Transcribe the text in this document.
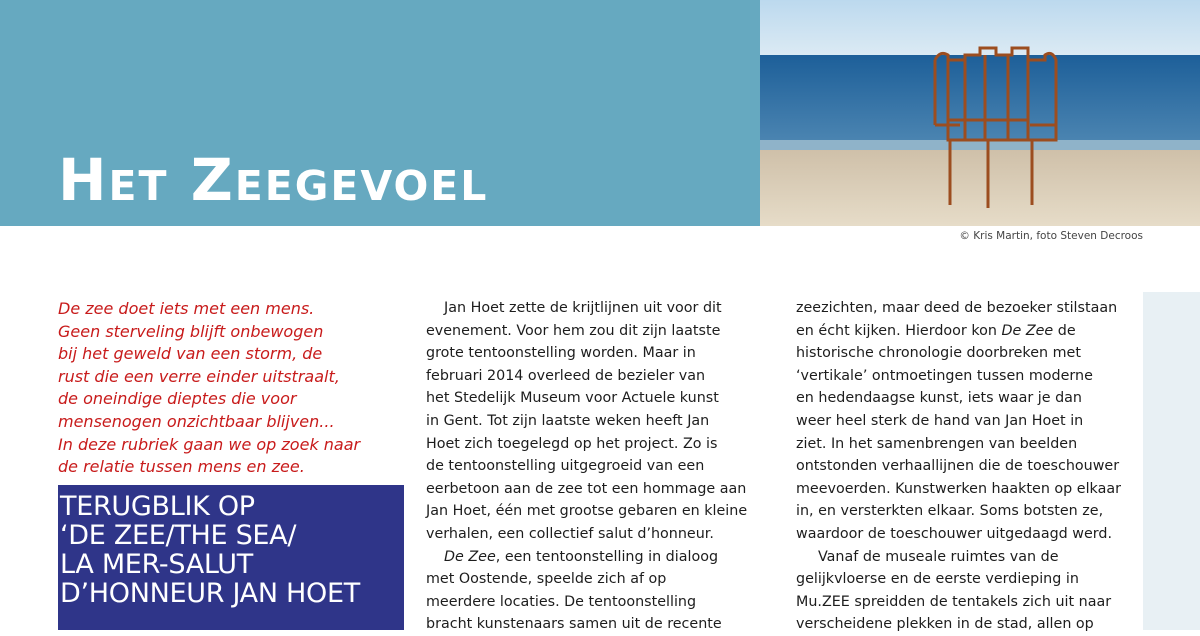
Het Zeegevoel
© Kris Martin, foto Steven Decroos
De zee doet iets met een mens.
Geen sterveling blijft onbewogen
bij het geweld van een storm, de
rust die een verre einder uitstraalt,
de oneindige dieptes die voor
mensenogen onzichtbaar blijven...
In deze rubriek gaan we op zoek naar
de relatie tussen mens en zee.
TERUGBLIK OP
‘DE ZEE/THE SEA/
LA MER-SALUT
D’HONNEUR JAN HOET
Jan Hoet zette de krijtlijnen uit voor dit
evenement. Voor hem zou dit zijn laatste
grote tentoonstelling worden. Maar in
februari 2014 overleed de bezieler van
het Stedelijk Museum voor Actuele kunst
in Gent. Tot zijn laatste weken heeft Jan
Hoet zich toegelegd op het project. Zo is
de tentoonstelling uitgegroeid van een
eerbetoon aan de zee tot een hommage aan
Jan Hoet, één met grootse gebaren en kleine
verhalen, een collectief salut d’honneur.
De Zee, een tentoonstelling in dialoog
met Oostende, speelde zich af op
meerdere locaties. De tentoonstelling
bracht kunstenaars samen uit de recente
zeezichten, maar deed de bezoeker stilstaan
en écht kijken. Hierdoor kon De Zee de
historische chronologie doorbreken met
‘vertikale’ ontmoetingen tussen moderne
en hedendaagse kunst, iets waar je dan
weer heel sterk de hand van Jan Hoet in
ziet. In het samenbrengen van beelden
ontstonden verhaallijnen die de toeschouwer
meevoerden. Kunstwerken haakten op elkaar
in, en versterkten elkaar. Soms botsten ze,
waardoor de toeschouwer uitgedaagd werd.
Vanaf de museale ruimtes van de
gelijkvloerse en de eerste verdieping in
Mu.ZEE spreidden de tentakels zich uit naar
verscheidene plekken in de stad, allen op
